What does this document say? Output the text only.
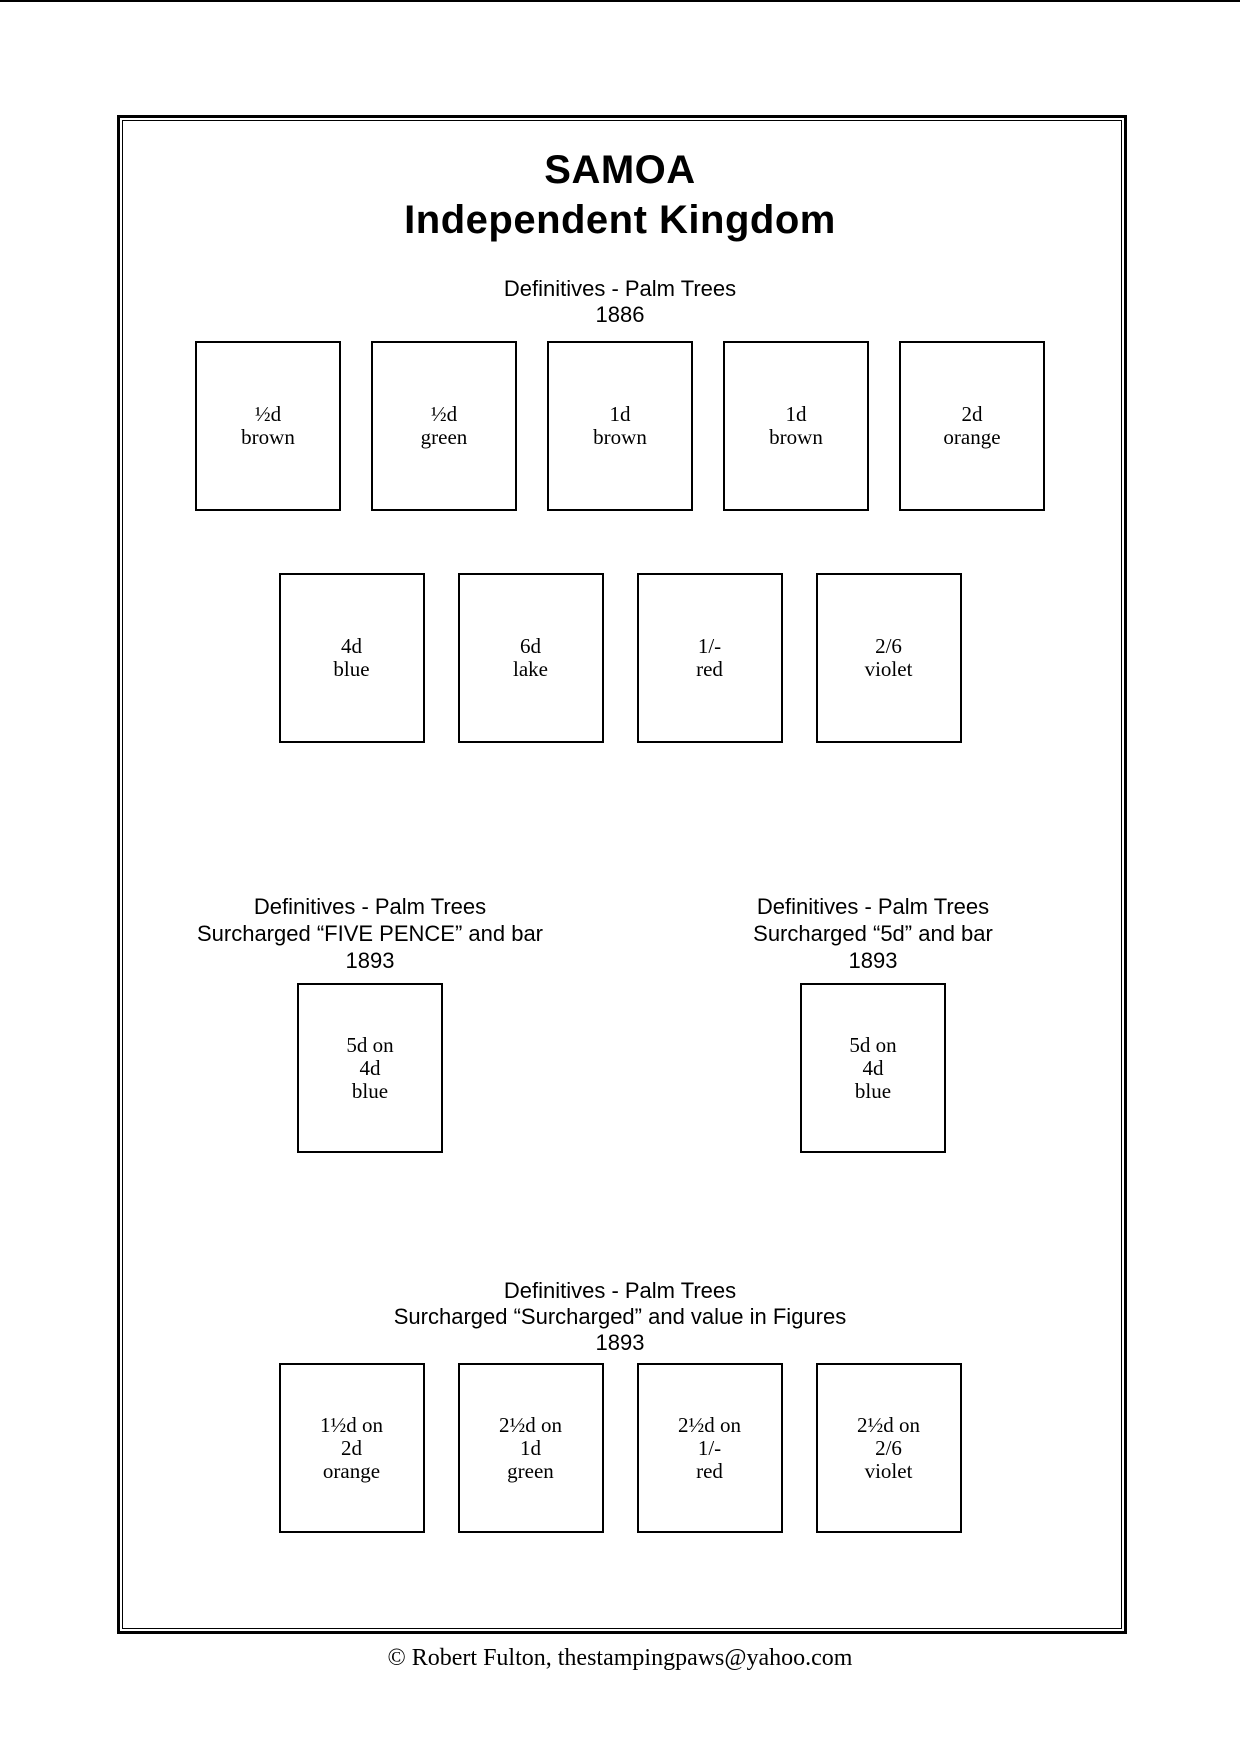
SAMOA
Independent Kingdom
Definitives - Palm Trees
1886
½d
brown
½d
green
1d
brown
1d
brown
2d
orange
4d
blue
6d
lake
1/-
red
2/6
violet
Definitives - Palm Trees
Surcharged “FIVE PENCE” and bar
1893
5d on
4d
blue
Definitives - Palm Trees
Surcharged “5d” and bar
1893
5d on
4d
blue
Definitives - Palm Trees
Surcharged “Surcharged” and value in Figures
1893
1½d on
2d
orange
2½d on
1d
green
2½d on
1/-
red
2½d on
2/6
violet
© Robert Fulton, thestampingpaws@yahoo.com
